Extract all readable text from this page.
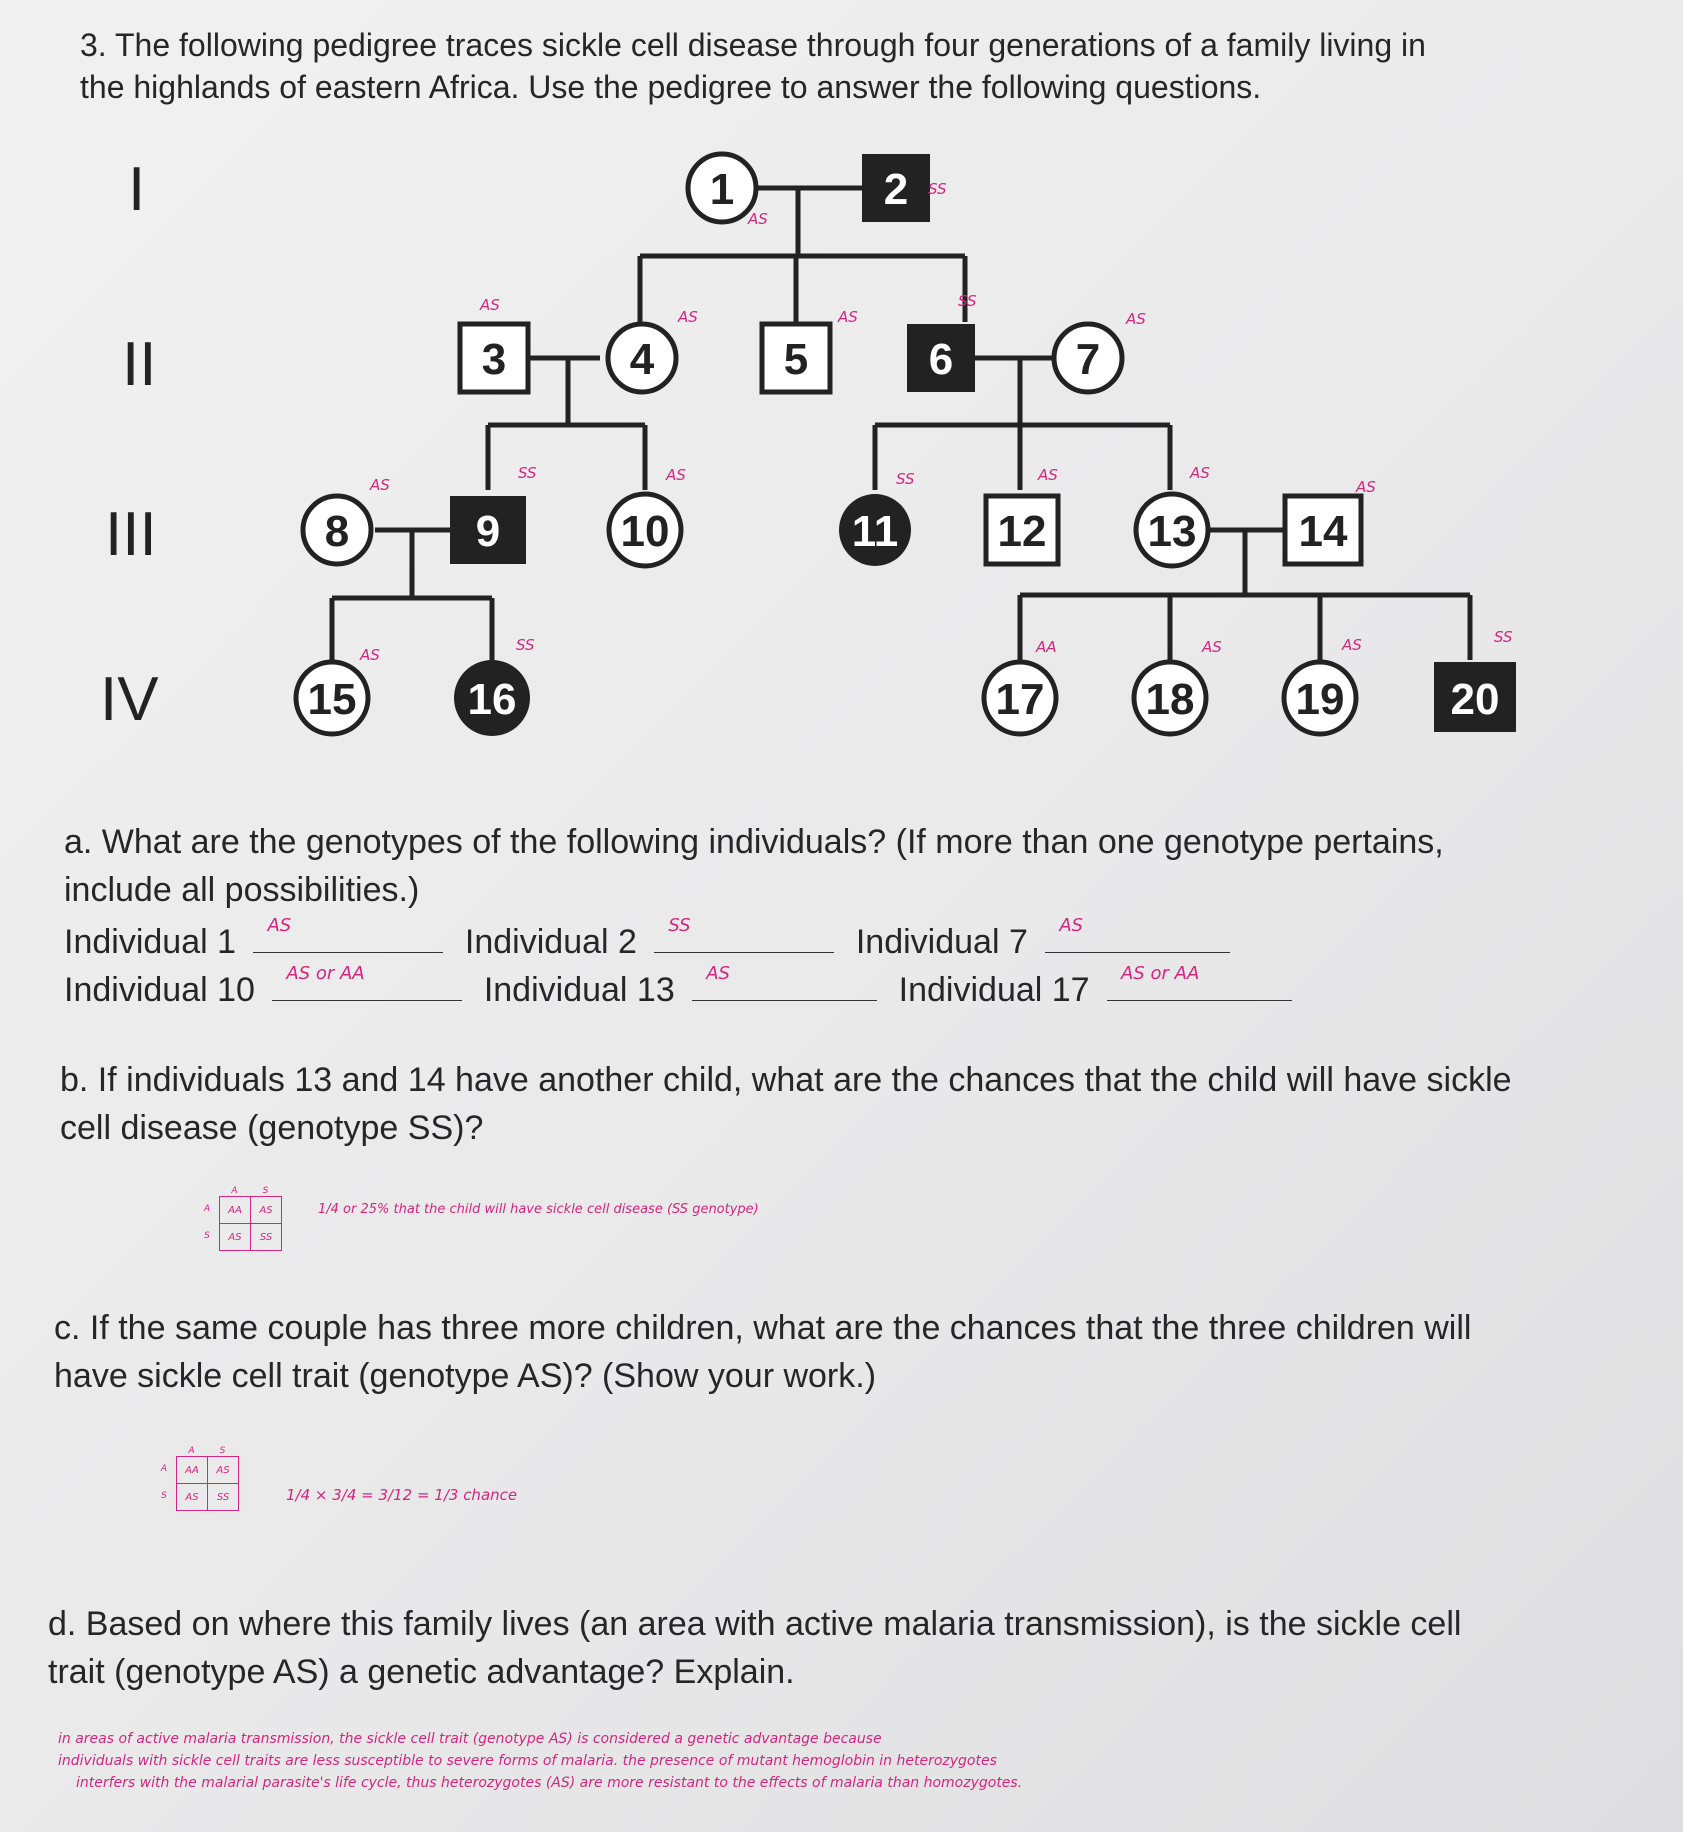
3. The following pedigree traces sickle cell disease through four generations of a family living in
the highlands of eastern Africa. Use the pedigree to answer the following questions.
I
II
III
IV
1	2
3	4	5	6	7
8	9	10	11 12 13 14
15	16	17 18 19 20
AS
SS
AS
AS	AS
SS
AS
AS
SS	AS	SS	AS	AS
AS
AS
SS	AA	AS	AS	SS
a. What are the genotypes of the following individuals? (If more than one genotype pertains,
include all possibilities.)
Individual 1 AS	Individual 2 SS	Individual 7 AS
Individual 10 AS or AA	Individual 13 AS	Individual 17 AS or AA
b. If individuals 13 and 14 have another child, what are the chances that the child will have sickle
cell disease (genotype SS)?
A	S
A
S
AA	AS
AS	SS
1/4 or 25% that the child will have sickle cell disease (SS genotype)
c. If the same couple has three more children, what are the chances that the three children will
have sickle cell trait (genotype AS)? (Show your work.)
A	S
A
S
AA	AS
AS	SS	1/4 × 3/4 = 3/12 = 1/3 chance
d. Based on where this family lives (an area with active malaria transmission), is the sickle cell
trait (genotype AS) a genetic advantage? Explain.
in areas of active malaria transmission, the sickle cell trait (genotype AS) is considered a genetic advantage because
individuals with sickle cell traits are less susceptible to severe forms of malaria. the presence of mutant hemoglobin in heterozygotes
interfers with the malarial parasite's life cycle, thus heterozygotes (AS) are more resistant to the effects of malaria than homozygotes.
